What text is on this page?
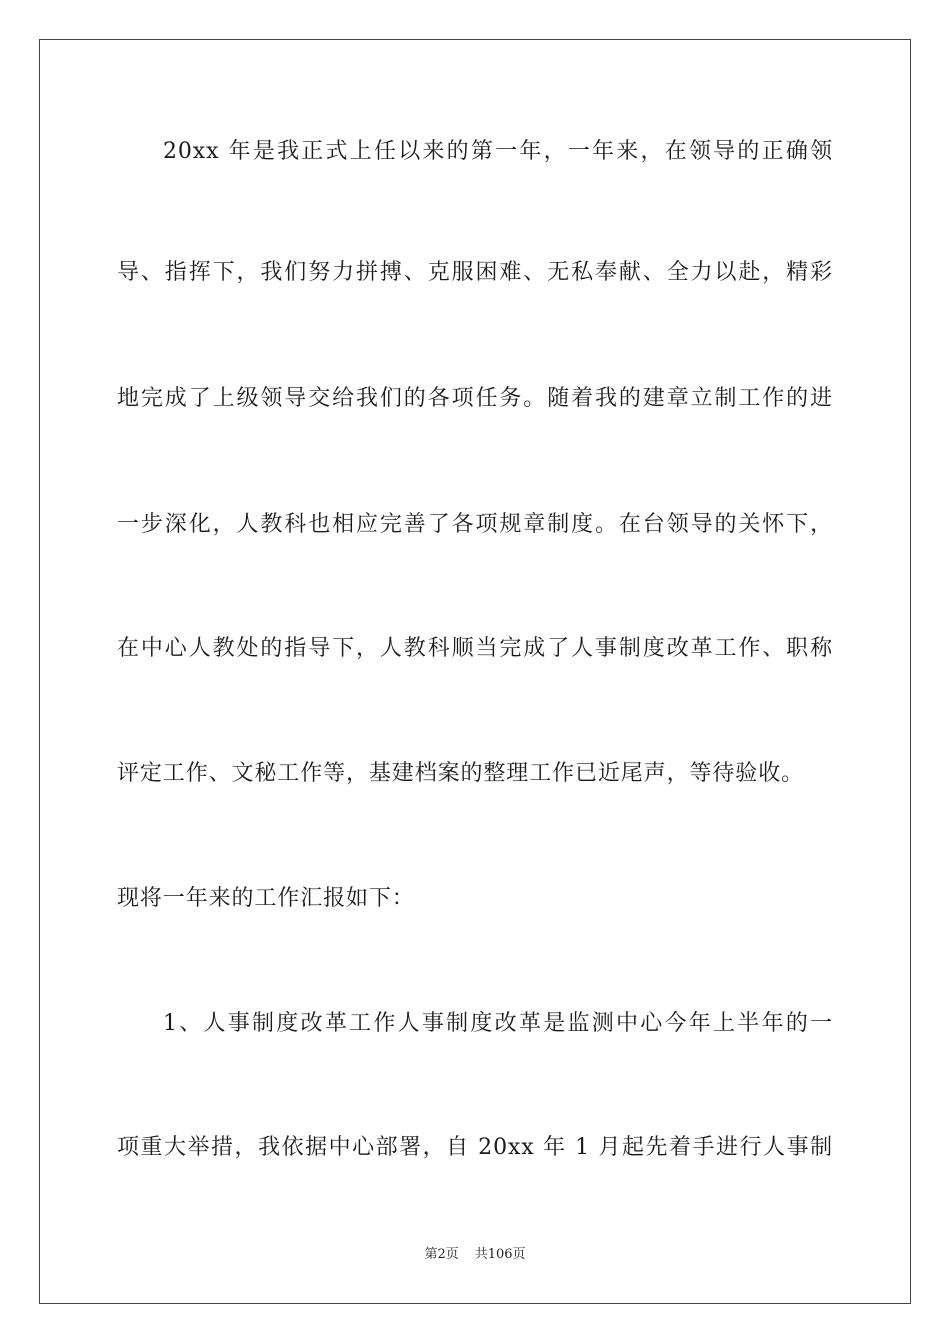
20xx 年是我正式上任以来的第一年，一年来，在领导的正确领
导、指挥下，我们努力拼搏、克服困难、无私奉献、全力以赴，精彩
地完成了上级领导交给我们的各项任务。随着我的建章立制工作的进
一步深化，人教科也相应完善了各项规章制度。在台领导的关怀下，
在中心人教处的指导下，人教科顺当完成了人事制度改革工作、职称
评定工作、文秘工作等，基建档案的整理工作已近尾声，等待验收。
现将一年来的工作汇报如下：
1、人事制度改革工作人事制度改革是监测中心今年上半年的一
项重大举措，我依据中心部署，自 20xx 年 1 月起先着手进行人事制
第2页 共106页
